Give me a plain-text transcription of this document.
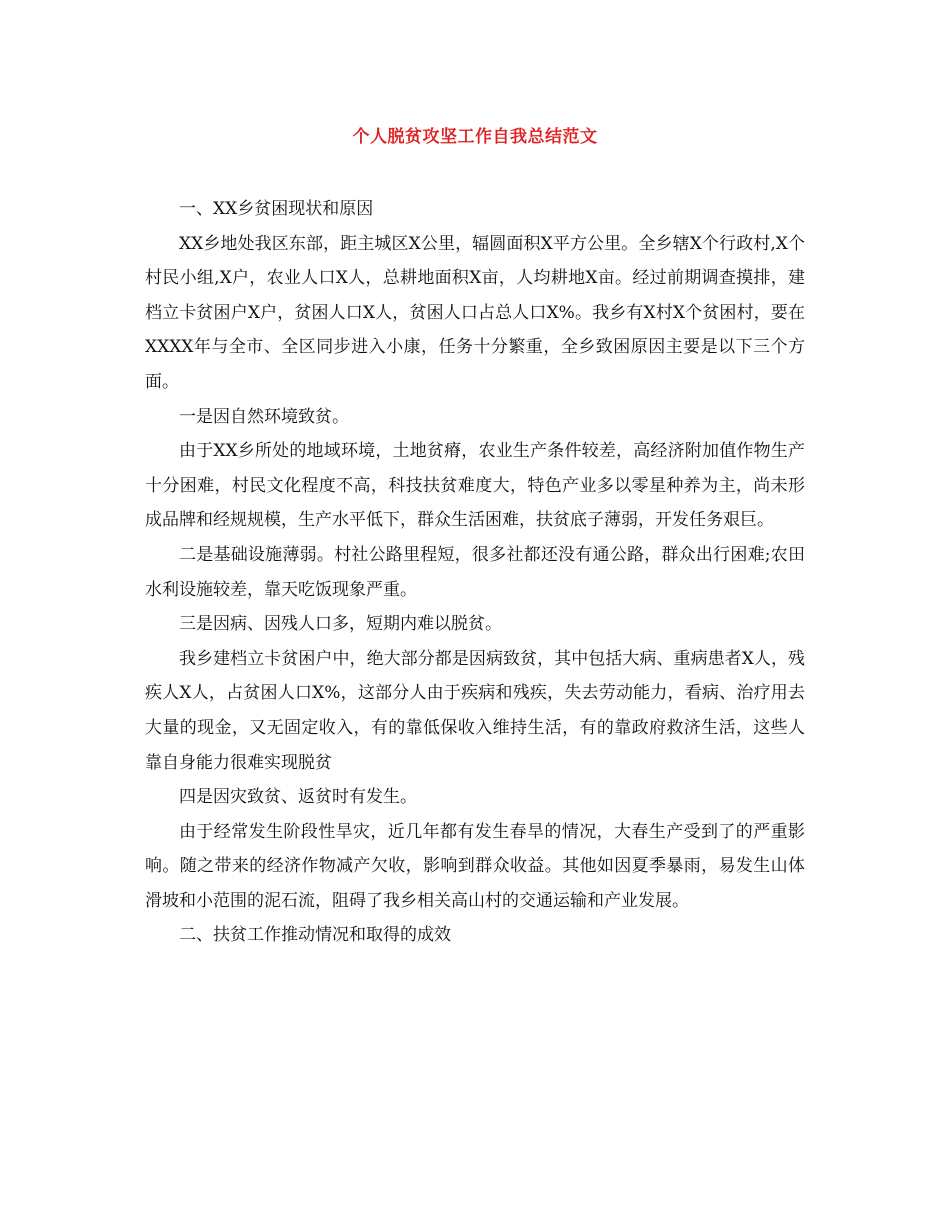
个人脱贫攻坚工作自我总结范文

一、XX乡贫困现状和原因

XX乡地处我区东部，距主城区X公里，辐圆面积X平方公里。全乡辖X个行政村,X个村民小组,X户，农业人口X人，总耕地面积X亩，人均耕地X亩。经过前期调查摸排，建档立卡贫困户X户，贫困人口X人，贫困人口占总人口X%。我乡有X村X个贫困村，要在XXXX年与全市、全区同步进入小康，任务十分繁重，全乡致困原因主要是以下三个方面。

一是因自然环境致贫。

由于XX乡所处的地域环境，土地贫瘠，农业生产条件较差，高经济附加值作物生产十分困难，村民文化程度不高，科技扶贫难度大，特色产业多以零星种养为主，尚未形成品牌和经规规模，生产水平低下，群众生活困难，扶贫底子薄弱，开发任务艰巨。

二是基础设施薄弱。村社公路里程短，很多社都还没有通公路，群众出行困难;农田水利设施较差，靠天吃饭现象严重。

三是因病、因残人口多，短期内难以脱贫。

我乡建档立卡贫困户中，绝大部分都是因病致贫，其中包括大病、重病患者X人，残疾人X人，占贫困人口X%，这部分人由于疾病和残疾，失去劳动能力，看病、治疗用去大量的现金，又无固定收入，有的靠低保收入维持生活，有的靠政府救济生活，这些人靠自身能力很难实现脱贫

四是因灾致贫、返贫时有发生。

由于经常发生阶段性旱灾，近几年都有发生春旱的情况，大春生产受到了的严重影响。随之带来的经济作物减产欠收，影响到群众收益。其他如因夏季暴雨，易发生山体滑坡和小范围的泥石流，阻碍了我乡相关高山村的交通运输和产业发展。

二、扶贫工作推动情况和取得的成效
